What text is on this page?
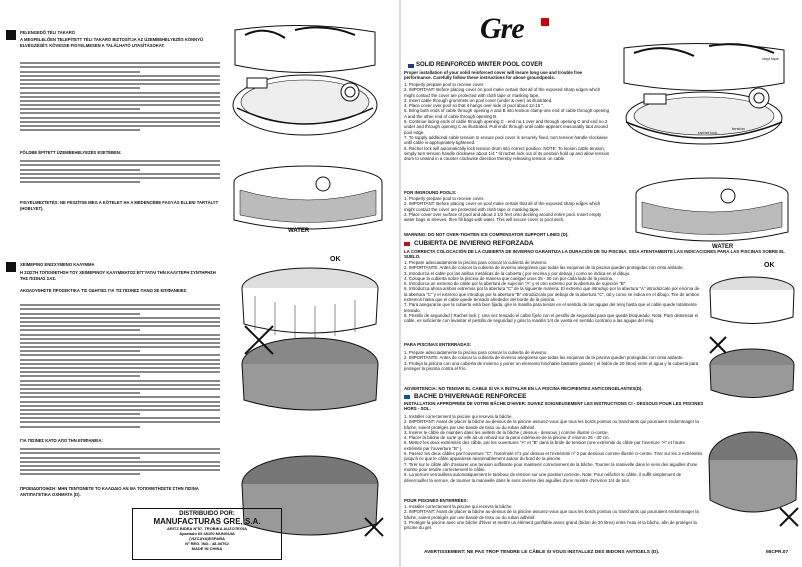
FELENGEDŐ TÉLI TAKARÓ
A MEGFELELŐEN TELEPÍTETT TÉLI TAKARÓ BIZTOSÍTJA AZ ÜZEMBEHELYEZÉS KÖNNYŰ ELVÉGZÉSÉT. KÖVESSE FIGYELMESEN A TALÁLHATÓ UTASÍTÁSOKAT.
FÖLDBE ÉPÍTETT ÜZEMBEHELYEZÉS ESETÉBEN:
FIGYELMEZTETÉS: NE FESZÍTSE MEG A KÖTELET HA A MEDENCÉBE FAGYÁS ELLENI TARTÁLYT (HOBLYET).
WATER
ΧΕΙΜΕΡΙΝΟ ΕΝΙΣΧΥΜΕΝΟ ΚΑΛΥΜΜΑ
Η ΣΩΣΤΗ ΤΟΠΟΘΕΤΗΣΗ ΤΟΥ ΧΕΙΜΕΡΙΝΟΥ ΚΑΛΥΜΜΑΤΟΣ ΕΓΓΥΑΤΑΙ ΤΗΝ ΚΑΛΥΤΕΡΗ ΣΥΝΤΗΡΗΣΗ ΤΗΣ ΠΙΣΙΝΑΣ ΣΑΣ.
ΑΚΟΛΟΥΘΗΣΤΕ ΠΡΟΣΕΚΤΙΚΑ ΤΙΣ ΟΔΗΓΙΕΣ ΓΙΑ ΤΙΣ ΠΙΣΙΝΕΣ ΠΑΝΩ ΣΕ ΕΠΙΦΑΝΕΙΕΣ:
ΓΙΑ ΠΙΣΙΝΕΣ ΚΑΤΩ ΑΠΟ ΤΗΝ ΕΠΙΦΑΝΕΙΑ:
ΠΡΟΕΙΔΟΠΟΙΗΣΗ: ΜΗΝ ΤΕΝΤΩΝΕΤΕ ΤΟ ΚΑΛΩΔΙΟ ΑΝ ΘΑ ΤΟΠΟΘΕΤΗΣΕΤΕ ΣΤΗΝ ΠΙΣΙΝΑ ΑΝΤΙΠΑΓΕΤΙΚΑ ΟΧΗΜΑΤΑ (D).
OK
DISTRIBUIDO POR:
MANUFACTURAS GRE, S.A.
ARITZ BIDEA Nº57, TROBIKA AUZOTEGIA
Apartado 69 48100 MUNGUIA
(VIZCAYA)ESPAÑA
Nº REG. IND.: 48-06762
MADE IN CHINA
Gre
SOLID REINFORCED WINTER POOL COVER
Proper installation of your solid reinforced cover will insure long use and trouble free performance. Carefully follow these instructions for above groundpools.

1. Properly prepare pool to receive cover.

2. IMPORTANT: Before placing cover on pool make certain that all of the exposed sharp edges which might contact the cover are protected with cloth tape or masking tape.

3. Insert cable through grommets on pool cover (under & over) as illustrated.

4. Place cover over pool so that it hangs over side of pool about 12-15 ".

5. Bring both ends of cable through opening A and B into tension clamp-one end of cable through opening A and the other end of cable through opening B.

6. Continue lacing ends of cable through opening C - end no.1 over and through opening C and end no.2 under and through opening C as illustrated. Pull ends through until cable appears reasonably taut around pool edge.

7. To supply additional cable tension to ensure pool cover is securely fixed, turn tension handle clockwise until cable is appropriately tightened.

8. Rachet lock will automatically lock tension drum into correct position. NOTE: To loosen cable tension, simply turn tension handle clockwise about 1/4 " tit rachet lock out of its position hold up and allow tension drum to unwind in a counter clockwise direction thereby releasing tension on cable.

FOR INGROUND POOLS:

1. Properly prepare pool to receive cover.

2. IMPORTANT: Before placing cover on pool make certain that all of the exposed sharp edges which might contact the cover are protected with cloth tape or masking tape.

3. Place cover over surface of pool and about 2 1/2 feet onto decking around entire pool. Insert empty water bags in sleeves, then fill bags with water. This will secure cover to pool deck.

WARNING: DO NOT OVER-TIGHTEN ICE COMPENSATOR SUPPORT LINES (D).
vinyl tape
rachet lock
tension
WATER
CUBIERTA DE INVIERNO REFORZADA
LA CORRECTA COLOCACIÓN DE LA CUBIERTA DE INVIERNO GARANTIZA LA DURACIÓN DE SU PISCINA. SIGA ATENTAMENTE LAS INDICACIONES PARA LAS PISCINAS SOBRE EL SUELO.

1. Prepare adecuadamente la piscina para colocar la cubierta de invierno.

2. IMPORTANTE: Antes de colocar la cubierta de invierno asegúrese que todas las esquinas de la piscina queden protegidas con cinta aislante.

3. Introduzca el cable por las anillas metálicas de la cubierta ( por encima y por debajo ) como se indica en el dibujo.

4. Coloque la cubierta sobre la piscina de manera que cuelgue unos 25 - 30 cm por cada lado de la piscina.

5. Introduzca un extremo de cable por la abertura de sujeción "A" y el otro extremo por la abertura de sujeción "B".

6. Introduzca ahora ambos extremos por la abertura "C" de la siguiente manera: El extremo que introdujo por la abertura "A" introdúzcalo por encima de la abertura "C" y el extremo que introdujo por la abertura "B" introdúzcalo por debajo de la abertura "C", tal y como se indica en el dibujo. Tire de ambos extremos hasta que el cable quede tensado alrededor del borde de la piscina.

7. Para asegurarse que la cubierta está bien fijada, gire la manilla para tensar en el sentido de las agujas del reloj hasta que el cable quede totalmente tensado.

8. Pestillo de seguridad ( Rachet lock ): Una vez tensado el cable fíjelo con el pestillo de seguridad para que quede bloqueado. Nota: Para destensar el cable, es suficiente con levantar el pestillo de seguridad y girar la manilla 1/4 de vuelta en sentido contrario a las agujas del reloj.

OK
PARA PISCINAS ENTERRADAS:

1. Prepare adecuadamente la piscina para colocar la cubierta de invierno.

2. IMPORTANTE: Antes de colocar la cubierta de invierno asegúrese que todas las esquinas de la piscina queden protegidas con cinta aislante.

3. Proteja la piscina con una cubierta de invierno y poner un elemento hinchable bastante grande ( el bidón de 20 litros) entre el agua y la cubierta para proteger la piscina contra el frío.

ADVERTENCIA: NO TENSAR EL CABLE SI VA A INSTALAR EN LA PISCINA RECIPIENTES ANTICONGELANTES(D).
BACHE D'HIVERNAGE RENFORCEE
INSTALLATION APPROPRIÉE DE VOTRE BÂCHE D'HIVER: SUIVEZ SOIGNEUSEMENT LES INSTRUCTIONS CI - DESSOUS POUR LES PISCINES HORS - SOL.

1. Installer correctement la piscine qui recevra la bâche.

2. IMPORTANT: Avant de placer la bâche au-dessus de la piscine assurez-vous que tous les bords pointus ou tranchants qui pourraient endommager la bâche, soient protégés par une bande de tissu ou du ruban adhésif.

3. Insérer le câble de maintien dans les oeillets de la bâche ( dessus - dessous ) comme illustré ci-contre.

4. Placer la bâche de sorte qu' elle ait un rebord sur la paroi extérieure de la piscine d' environ 25 - 30 cm.

5. Mettez les deux extrémités des câble, par les ouvertures "A" et "B" dans la bride de tension (une extrémité du câble par l'overture "A" et l'autre extrémité par l'ouverture "B" ).

6. Passez les deux câbles par l'ouverture "C", l'extrémité nº1 par dessus et l'extrémité nº 2 par dessous comme illustré ci-contre. Tirer sur les 2 extrémités jusqu'à ce que le câble apparaisse raisonnablement autour du bord de la piscine.

7. Tirer sur le câble afin d'assurer une tension suffisante pour maintenir correctement de la bâche. Tourner la manivelle dans le sens des aiguilles d'une montre pour tendre correctement le câble.

8. La serrure verrouillera automatiquement le tambour de tension sur une position correcte. Note: Pour relâcher le câble, il suffit simplement de déverrouiller la serrure, de tourner la manivelle dans le sens inverse des aiguilles d'une montre d'environ 1/4 de tour.

POUR PISCINES ENTERRÉES:

1. Installer correctement la piscine qui recevra la bâche.

2. IMPORTANT: Avant de placer la bâche au-dessus de la piscine assurez-vous que tous les bords pointus ou tranchants qui pourraient endommager la bâche, soient protégés par une bande de tissu ou du ruban adhésif.

3. Protéger la piscine avec une bâche d'hiver et mettre un élément gonflable assez grand (bidon de 20 litres) entre l'eau et la bâche, afin de protéger la piscine du gel.

AVERTISSEMENT: NE PAS TROP TENDRE LE CÂBLE SI VOUS INSTALLEZ DES BIDONS ANTIGELS (D).	MICPR.07
